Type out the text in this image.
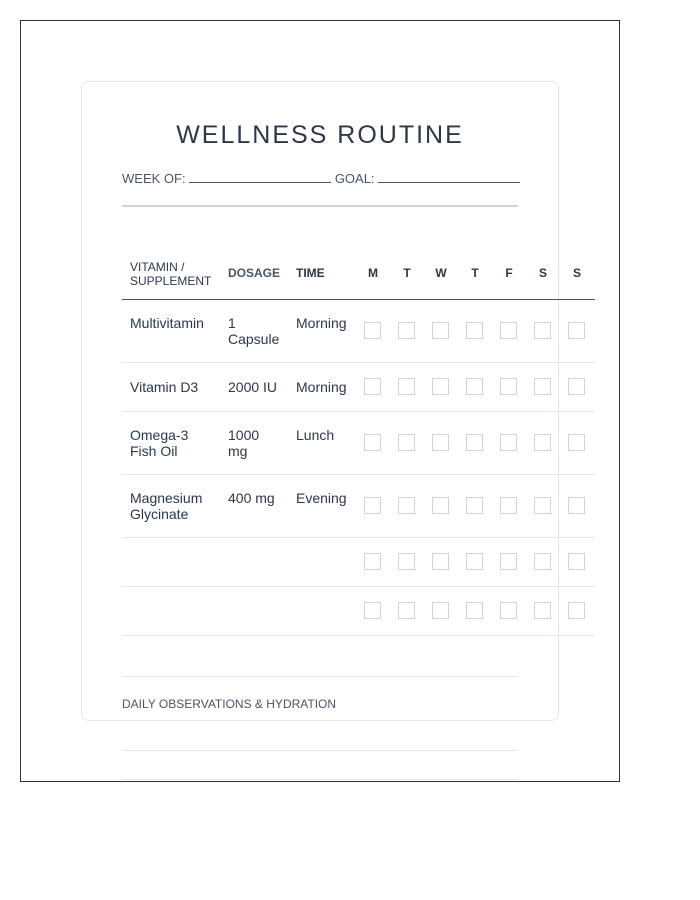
WELLNESS ROUTINE
WEEK OF:	GOAL:
VITAMIN /
SUPPLEMENT
DOSAGE TIME	M T W T F S S
Multivitamin 1
Capsule
Morning
Vitamin D3 2000 IU Morning
Omega-3
Fish Oil
1000
mg
Lunch
Magnesium
Glycinate
400 mg Evening
DAILY OBSERVATIONS & HYDRATION
